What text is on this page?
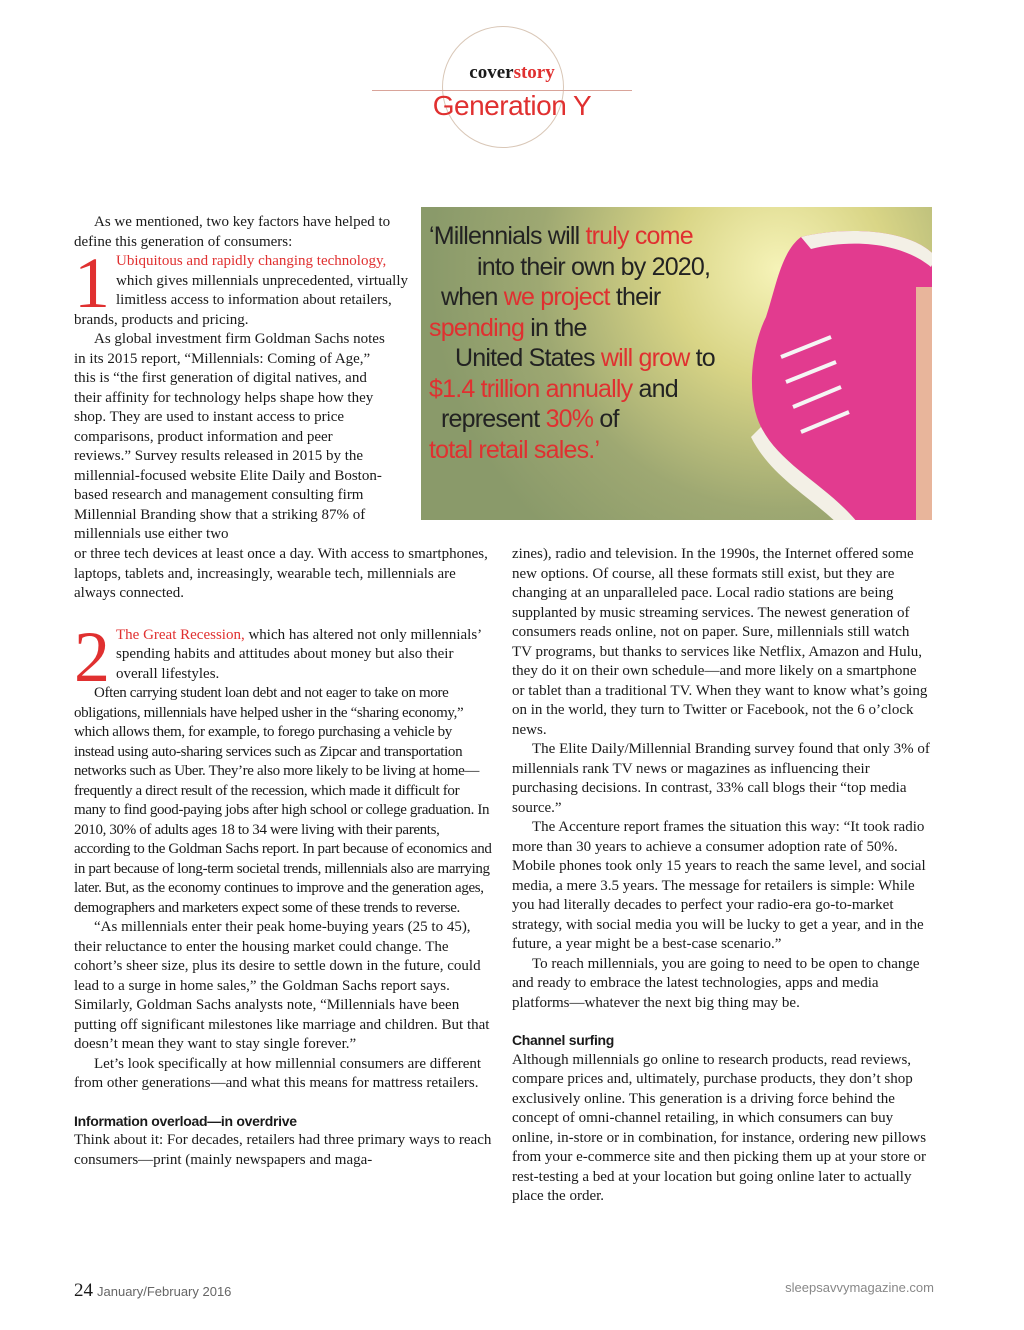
coverstory
Generation Y
‘Millennials will truly come
into their own by 2020,
when we project their
spending in the
United States will grow to
$1.4 trillion annually and
represent 30% of
total retail sales.’

As we mentioned, two key factors have helped to define this generation of consumers:

1 Ubiquitous and rapidly changing technology, which gives millennials unprecedented, virtually limitless access to information about retailers, brands, products and pricing.

As global investment firm Goldman Sachs notes in its 2015 report, “Millennials: Coming of Age,” this is “the first generation of digital natives, and their affinity for technology helps shape how they shop. They are used to instant access to price comparisons, product information and peer reviews.” Survey results released in 2015 by the millennial-focused website Elite Daily and Boston-based research and management consulting firm Millennial Branding show that a striking 87% of millennials use either two

or three tech devices at least once a day. With access to smartphones, laptops, tablets and, increasingly, wearable tech, millennials are always connected.

2 The Great Recession, which has altered not only millennials’ spending habits and attitudes about money but also their overall lifestyles.

Often carrying student loan debt and not eager to take on more obligations, millennials have helped usher in the “sharing economy,” which allows them, for example, to forego purchasing a vehicle by instead using auto-sharing services such as Zipcar and transportation networks such as Uber. They’re also more likely to be living at home—frequently a direct result of the recession, which made it difficult for many to find good-paying jobs after high school or college graduation. In 2010, 30% of adults ages 18 to 34 were living with their parents, according to the Goldman Sachs report. In part because of economics and in part because of long-term societal trends, millennials also are marrying later. But, as the economy continues to improve and the generation ages, demographers and marketers expect some of these trends to reverse.

“As millennials enter their peak home-buying years (25 to 45), their reluctance to enter the housing market could change. The cohort’s sheer size, plus its desire to settle down in the future, could lead to a surge in home sales,” the Goldman Sachs report says. Similarly, Goldman Sachs analysts note, “Millennials have been putting off significant milestones like marriage and children. But that doesn’t mean they want to stay single forever.”

Let’s look specifically at how millennial consumers are different from other generations—and what this means for mattress retailers.

Information overload—in overdrive

Think about it: For decades, retailers had three primary ways to reach consumers—print (mainly newspapers and maga-

zines), radio and television. In the 1990s, the Internet offered some new options. Of course, all these formats still exist, but they are changing at an unparalleled pace. Local radio stations are being supplanted by music streaming services. The newest generation of consumers reads online, not on paper. Sure, millennials still watch TV programs, but thanks to services like Netflix, Amazon and Hulu, they do it on their own schedule—and more likely on a smartphone or tablet than a traditional TV. When they want to know what’s going on in the world, they turn to Twitter or Facebook, not the 6 o’clock news.

The Elite Daily/Millennial Branding survey found that only 3% of millennials rank TV news or magazines as influencing their purchasing decisions. In contrast, 33% call blogs their “top media source.”

The Accenture report frames the situation this way: “It took radio more than 30 years to achieve a consumer adoption rate of 50%. Mobile phones took only 15 years to reach the same level, and social media, a mere 3.5 years. The message for retailers is simple: While you had literally decades to perfect your radio-era go-to-market strategy, with social media you will be lucky to get a year, and in the future, a year might be a best-case scenario.”

To reach millennials, you are going to need to be open to change and ready to embrace the latest technologies, apps and media platforms—whatever the next big thing may be.

Channel surfing

Although millennials go online to research products, read reviews, compare prices and, ultimately, purchase products, they don’t shop exclusively online. This generation is a driving force behind the concept of omni-channel retailing, in which consumers can buy online, in-store or in combination, for instance, ordering new pillows from your e-commerce site and then picking them up at your store or rest-testing a bed at your location but going online later to actually place the order.

24 January/February 2016	sleepsavvymagazine.com
